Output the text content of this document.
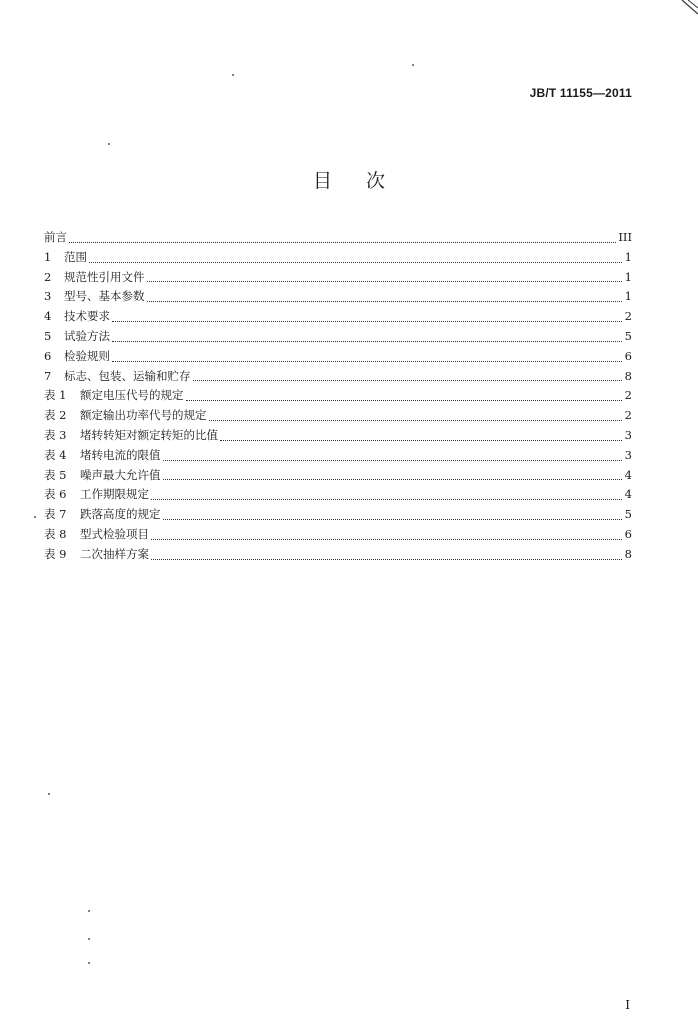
JB/T 11155—2011
目次
前言	III
1	范围	1
2	规范性引用文件	1
3	型号、基本参数	1
4	技术要求	2
5	试验方法	5
6	检验规则	6
7	标志、包装、运输和贮存	8
表 1	额定电压代号的规定	2
表 2	额定输出功率代号的规定	2
表 3	堵转转矩对额定转矩的比值	3
表 4	堵转电流的限值	3
表 5	噪声最大允许值	4
表 6	工作期限规定	4
表 7	跌落高度的规定	5
表 8	型式检验项目	6
表 9	二次抽样方案	8
I
